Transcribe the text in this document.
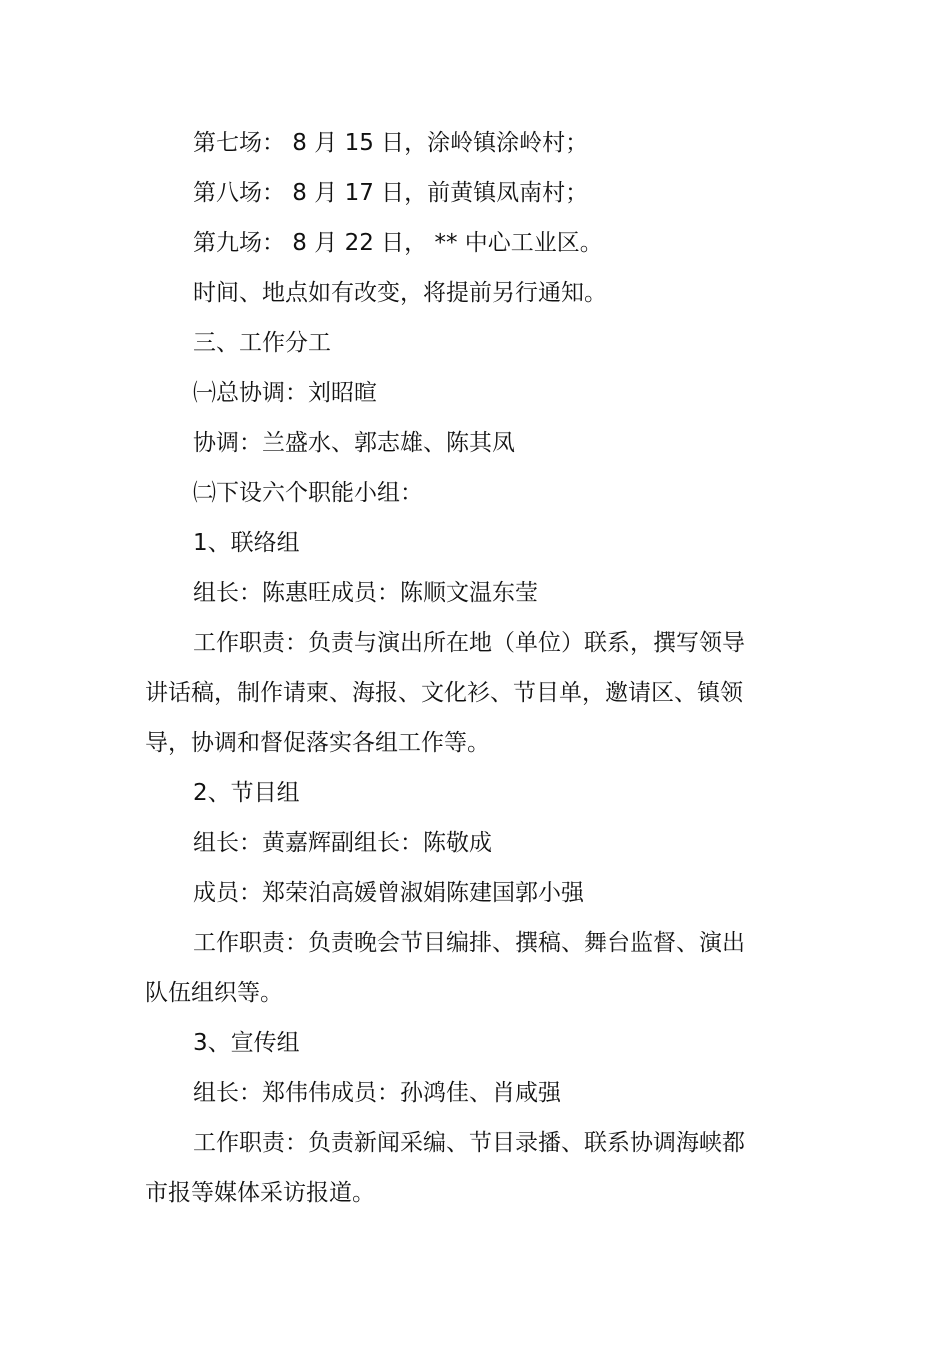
第七场： 8 月 15 日，涂岭镇涂岭村；

第八场： 8 月 17 日，前黄镇凤南村；

第九场： 8 月 22 日， ** 中心工业区。

时间、地点如有改变，将提前另行通知。

三、工作分工

㈠总协调：刘昭暄

协调：兰盛水、郭志雄、陈其凤

㈡下设六个职能小组：

1、联络组

组长：陈惠旺成员：陈顺文温东莹

工作职责：负责与演出所在地（单位）联系，撰写领导讲话稿，制作请柬、海报、文化衫、节目单，邀请区、镇领导，协调和督促落实各组工作等。

2、节目组

组长：黄嘉辉副组长：陈敬成

成员：郑荣泊高媛曾淑娟陈建国郭小强

工作职责：负责晚会节目编排、撰稿、舞台监督、演出队伍组织等。

3、宣传组

组长：郑伟伟成员：孙鸿佳、肖咸强

工作职责：负责新闻采编、节目录播、联系协调海峡都市报等媒体采访报道。
